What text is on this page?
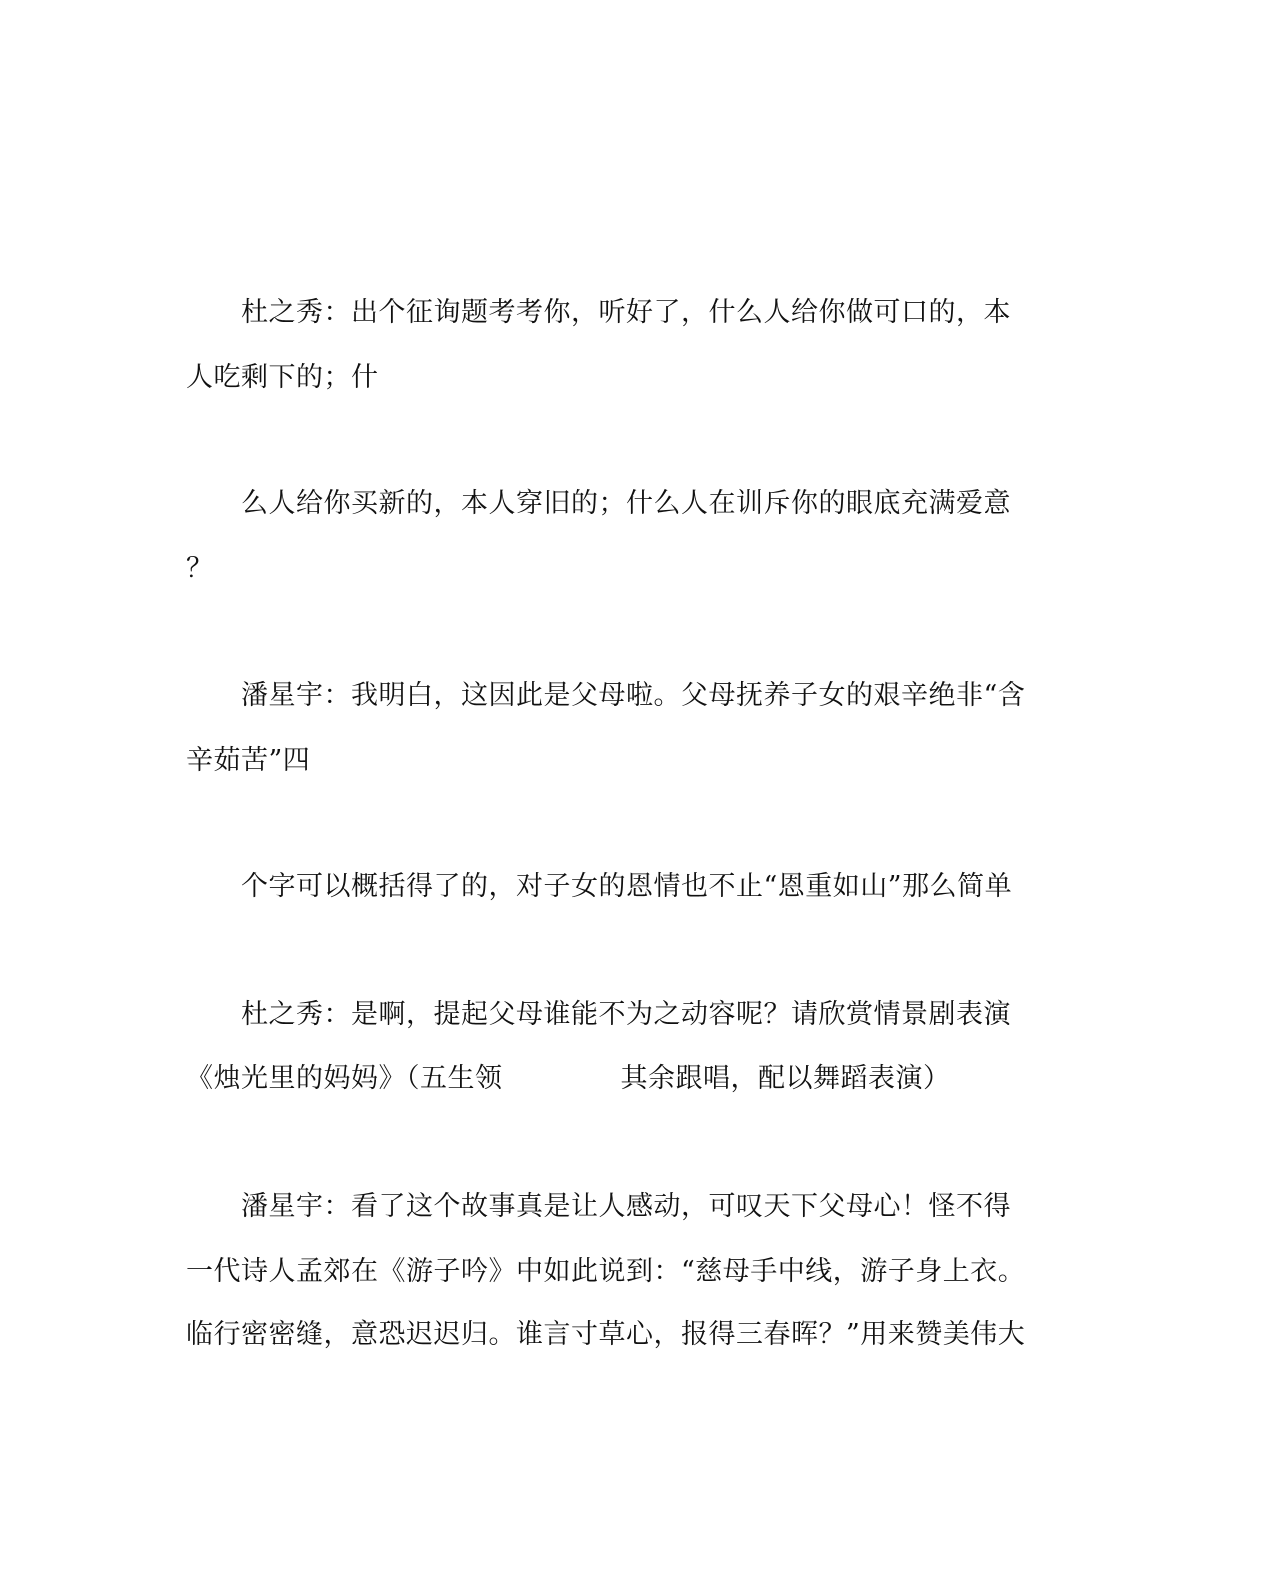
　　杜之秀：出个征询题考考你，听好了，什么人给你做可口的，本
人吃剩下的；什
　　么人给你买新的，本人穿旧的；什么人在训斥你的眼底充满爱意
？
　　潘星宇：我明白，这因此是父母啦。父母抚养子女的艰辛绝非“含
辛茹苦”四
　　个字可以概括得了的，对子女的恩情也不止“恩重如山”那么简单
　　杜之秀：是啊，提起父母谁能不为之动容呢？请欣赏情景剧表演
《烛光里的妈妈》（五生领	其余跟唱，配以舞蹈表演）
　　潘星宇：看了这个故事真是让人感动，可叹天下父母心！怪不得
一代诗人孟郊在《游子吟》中如此说到：“慈母手中线，游子身上衣。
临行密密缝，意恐迟迟归。谁言寸草心，报得三春晖？”用来赞美伟大
